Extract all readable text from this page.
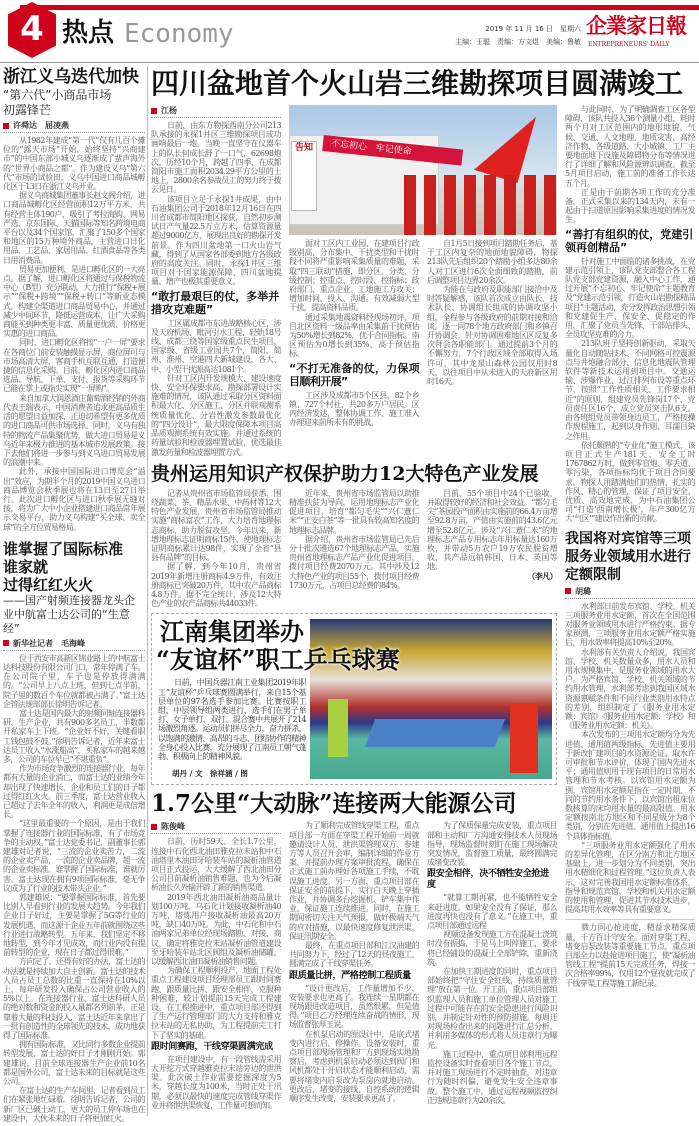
4 热点 Economy	2019 年 11 月 16 日　星期六
主编：王聪　责编：方文煜　美编：鲁敏
企業家日報
ENTREPRENEURS' DAILY
浙江义乌迭代加快
“第六代”小商品市场
初露锋芒
许舜达　屈凌燕

从1982年建成“第一代”仅有几百个摊位的“露天市场”开始，始终坚持“兴商建市”的中国东部小城义乌逐渐成了蜚声海外的“世界小商品之都”。作为建设义乌“第六代”市场的试验田，义乌中国进口商品城孵化区于13日在浙江义乌开业。

据义乌商城集团董事长赵文阁介绍，进口商品城孵化区经营面积12万平方米，共有经营主体190户，吸引了考拉海购、网易严选、京东国际、天猫国际等知名跨境电商平台以及34个国家馆，汇聚了150多个国家和地区的15万种境外商品，主营进口日化用品、工艺品、家居用品、红酒食品等各类日用消费品。

贸易更加便利，是进口孵化区的一大亮点。据了解，进口孵化区将通过与保税物流中心（B型）充分联动，大力推行“保税+展示”“保税+跨境”“保税+转口”等新业态模式，构建全渠道进口商品贸易中心，并通过减少中间环节，降低运营成本，让广大采购商能买到种类更丰富、质量更优质、价格更实惠的进口商品。

同时，进口孵化区将按“一户一屏”要求在各商位门前安装触摸显示屏，商位屏可与市场高清大屏、客商手机互联互通，打造便捷的信息化采购。目前，孵化区内进口商品选品、导航、下单、支付、报货等采购环节已能在掌上或指尖实现“一屏购”。

来自加拿大润恩酒庄葡萄酒经销的外商代表王瑞表示，中国消费者追求更高品质生活的愿望日益加深，正迫切希望有更多优质的进口商品可供市场选择。同时，义乌有独特的物流产品集聚优势，做大进口贸易是义乌近年来极力推进的基本城市发展政策。接下去他们将进一步参与到义乌进口贸易发展的浪潮中来。

此外，承接中国国际进口博览会“溢出”效应，为期半个月的2019中国义乌进口商品博览会秋季展也将在13日至27日举行。此次进口孵化区与进口秋季展无缝对接，将为广大中小企业搭建进口商品常年展示交易平台，助力义乌构建“买全球、卖全球”的全方位贸易格局。

谁掌握了国际标准
谁家就
过得红红火火
——国产射频连接器龙头企业中航富士达公司的“生意经”
新华社记者　毛海峰

位于西安市高新区锦业路上的中航富士达科技股份有限公司门口，常年停满了车。在公司院子里，车子也是停放得满满的。“公司早上八点上班，但到七点半前，院子里的数百个车位就都被占满了。”富士达企管法规部部长徐明告诉记者。

富士达是国内最大的射频同轴连接器科研、生产企业，共有900多名员工，半数都开私家车上下班。“企业好不好，关键看职工钱包鼓不鼓。”徐明告诉记者，近年来富士达员工收入“水涨船高”，买私家车的越来越多，公司的车位早已“不堪重负”。

作为市场竞争激烈的连接器行业，每年都有大量的企业消亡，而富士达的业绩今年却出现了快速增长，企业和员工们的日子都过得红红火火。前三季度，富士达营业收入已超过了去年全年的收入，利润更是成倍增长。

“这里最重要的一个原因，是由于我们掌握了连接器行业的国际标准，有了市场竞争的主动权。”富士达党委书记、副董事长郭建雄对记者说，“三流的企业卖苦力，二流的企业卖产品，一流的企业卖品牌，超一流的企业卖标准。谁掌握了国际标准，谁就厉害。富士达现在拥有9项国际标准，毫无争议成为了行业的技术带头企业。”

郭建雄说：“要掌握国际标准，首先要比别人早看到行业的发展大趋势。今年我们企业日子好过，主要是掌握了5G等行业的发展机遇，而这源于企业五年前就围绕这些行业进行战略转型。五年来，我们坚定不移地转型，到今年才见成效，而行业内没有提前转型的企业，现在日子都过得很难。”

方向定了，还得有好的办法，富士达的办法就是持续加大自主创新。富士达的技术人员占员工总数的比重一直保持在10%以上，每年研发投入确保占公司营业收入的5%以上。在连接器行业，富士达科研人员的绝对数和资金的投入量都名列前茅。正是靠着大量的科技投入，富士达近年来拿出了一批有创造性的全球领先的技术，成功地获得了国际标准。

拥有国际标准，又比同行多数企业提前转型发展，富士达的好日子才刚刚开始。郭建雄说，目前全球连接器生产企业前10名都是国外公司，富士达未来的目标就是这些公司。

在富士达的生产车间里，记者看到员工们在紧张地忙碌着。徐明告诉记者，公司的新厂区已破土动工，更大的员工停车场也在建设中，大伙未来的日子将更加红火。

四川盆地首个火山岩三维勘探项目圆满竣工
江杨

日前，由东方物探西南分公司213队承接的永探1井区三维勘探项目成功画响最后一炮。当晚一直坚守在仪器车上的队长何成长舒了一口气，62698炮次，历经10个月，跨越了四季，在成都简阳市施工面积2034.29平方公里的土地上，2800余名参战员工的努力终于拨云见日。

该项目立足于永探1井成果，由中石油集团公司于2018年12月16日在四川省成都市简阳地区探获，自然初步测试日产气量22.5万立方米，估算资源量超过9000亿方，展现出良好的勘探开发前景。作为四川盆地第一口火山岩气藏，得到了从国家各部委到地方各级政府的高度关注。同时，永探1井区三维项目对于国家能源保障、四川盆地提量、增产也极其重要意义。

“敢打最艰巨的仗，多举并措攻克难题”

工区属成都市东进战略核心区，涉及天府机场、毗河引水工程、轻轨18号线、成都三绕等国家级重点民生项目，国家级、省级工业园共7个，简阳、简州、淮州、空港四大新城建设，各大、中、小型干扰源高达1081个。

针对工区内开发规模大、建设速度快、安全环保要求高、勘探部署设计实施难的情况，该队通过采取分区资料面积最大化、分区施工、分区并联观测系统质量优化、分岩性激发参数最优化的“四分设计”，最大限度保障本项目高品质观测系统有效实施。并通过系统的药量试验和检波器埋置试验，优选最佳激发药量和检波器埋置方式。

不忘初心　牢记使命
告知

面对工区内工业园、在建项目行政级别高、分布集中、干扰类型和干扰时段不同将严重影响采集质量的难题，采取“四三联动”措施，即分区、分类、分级控制；控重点、控时段、控指标；政府部门、重点企业、工地施工方攻关；增加时间、投入、沟通。有效减弱大型干扰，提高资料品质。

通过采集地震资料经现场初评，项目北区资料一级品率由采集前干扰预估为50%增长到82%，优于合同指标。南区预估为0增长到35%，高于预估指标。

“不打无准备的仗，力保项目顺利开展”

工区涉及成都市5个区县，82个乡镇、727个村社，共20多万户居民。区内经济发达，整体协调工作、施工准入办理迎来前所未有的挑战。

自1月5日接到项目踏勘任务后，基于工区内复杂的地面地貌障碍，物探213队先后组织20个踏勘小组多达80余人对工区进行6次全面细致的踏勘，前后调整项目边界20余次。

为能在与政府及职能部门接洽中及时答疑解惑，该队首次成立由队长、技术队长、协调组长组成的协调攻坚小组，全程参与各级政府的前期对接和洽谈。逐一同78个地方政府部门和乡镇召开协调会，针对协调困难地区区反复多次拜会各职能部门。通过提前3个月的不懈努力，7个行政区域全部取得入场许可，其中龙泉山森林公园仅用时8天，以往项目中从未进入的天府新区用时16天。

贵州运用知识产权保护助力12大特色产业发展

记者从贵州省市场监管局获悉，围绕蔬菜、茶、精品水果、中药材等12大特色产业发展，贵州省市场监管局推动实施“商标富农”工作，大力培育地理标志商标，助力脱贫攻坚。今年以来，新增地理标志证明商标15件，使地理标志证明商标累计达98件，实现了全省“县县有品牌”的目标。

据了解，到今年10月，贵州省2019年新增注册商标4.9万件，有效注册商标已突破20万件，其中农产品商标4.8万件。据不完全统计，涉及12大特色产业的农产品商标共44033件。

近年来，贵州省市场监管局以助推精准扶贫为导向，运用地理标志产业化促进项目，培育“都匀毛尖”“兴仁薏仁米”“正安白茶”等一批具有较高知名度的地理标志品牌。

据介绍，贵州省市场监管局已先后分十批次遴选67个地理标志产品，实施贵州省地理标志产品产业化促进项目，拨付项目经费2070万元。其中涉及12大特色产业的项目55个，拨付项目经费1730万元，占项目总经费的84%。

目前，55个项目中24个已验收，并取得较好的经济和社会效益。“都匀毛尖”茶园投产面积由实施前的66.4万亩增至92.8万亩，产值由实施前的43.6亿元增至52.8亿元。涉及“兴仁薏仁米”的地理标志产品专用标志年用标量达160万枚，并带动5万农户19万农民脱贫增收，其产品远销韩国、日本、英国等地。

（李凡）
江南集团举办
“友谊杯”职工乒乓球赛
日前，中国兵器江南工业集团2019年职工“友谊杯”乒乓球赛圆满举行，来自15个基层单位的97名选手参加比赛。比赛按职工组、中层领导组两类进行，选手们在男子单打、女子单打、双打、混合赛中共展开了214场激烈角逐。运动员们拼尽全力，奋力拼杀，以饱满的激情、高昂的斗志、团结协作的精神全身心投入比赛，充分展现了江南员工朝气蓬勃、积极向上的精神风貌。
胡丹 / 文　徐祥涵 / 图
1.7公里“大动脉”连接两大能源公司
陈俊峰

日前，历时59天、全长1.7公里，连接中石化西北油田雅克拉末站和中石油塔里木油田牙哈装车站的凝析油管道项目正式投运，大大缓解了西北油田分公司目前凝析油销售难题，也为今后凝析油长久外输开辟了新的销售渠道。

2019年西北油田凝析油商品量计划100万吨，乌石化计划接收凝析油40万吨，塔炼用户接收凝析油最高20万吨，缺口40万吨。为此，中石化和中石油两家兄弟单位经现场踏勘、对接、商议，确定将雅克拉末站凝析油管道建设至牙哈装车站北区阀组及凝析油储罐，以缓解西北油田凝析油销售问题。

为确保工程顺利投产，地面工程处重点工程建设项目经理部员工跟时间赛跑、跟质量比拼、跟安全相伴，克服种种困难，较计划提前15天完成工程建设。在工程推进中，重点项目部还得到了生产运行管理部门的大力支持和雅克拉末站的无私协助，为工程提前完工打下了坚实的基础。

跟时间赛跑，干线穿渠圆满完成

在项目建设中，有一段管线需采用大开挖方式穿越雅克拉末站旁边的泄洪渠。此次破土作业需要挖掘深度为5米，穿越长度为100米，当时正处于汛期，必须以最快的速度完成管线穿渠作业并将泄洪渠恢复，工作量可想而知。

为了顺利完成管线穿渠工程，重点项目部一方面在穿渠工程开始前一周就邀请设计人员、泄洪渠管理双方、参建方等人员召开会审，编制详细的作业方案，并提前办理方案审批流程，确保在正式施工前办理好各项施工手续，不耽误施工进度。另一方面，重点项目部在保证安全的前提下，实行白天晚上穿插作业，并协调多台挖掘机、铲车集中作业，保证施工连续推进。同时，在施工期间密切关注天气预报，做好极端天气的应对措施，以最快速度修复泄洪渠，保证汛期安全。

最终，在重点项目部和江汉油建的共同努力下，经过了12天的昼夜施工，圆满完成了干线穿渠任务。

跟质量比拼，严格控制工程质量

“设计更改后，工作量增加不少，安装要求也更高了。我连续一星期都在现场跟进改造项目，虽然很累，但是值得。”项目乙方经理连续奋战的情形，现场监督张厚玉说。

在机泵启动的原设计中，是底式堵变内进行启、停操作。设备安装时，重点项目部现场管理和厂方到现场实地勘察后，考虑到机泵启动必须达到阀门和风机都处于开启状态才能顺利启动，需要将堵变内启泵改为泵房内就地启动。更改后，堵变的接线、自控系统的逻辑顺序发生改变，安装要求更高了。

为了保质保量完成安装，重点项目部和主动和厂方沟通安排技术人员现场指导，现场监督时刻盯在施工现场解决突发情况，监督施工质量，最终圆满完成堵变改装。

跟安全相伴，决不牺牲安全抢进度

“就算工期再紧，也不能牺牲安全来赶进度。如果安全没有了保证，那么进度再快也没有了意义。”在施工中，重点项目部通过远程

视频设备发现施工方在混凝土浇筑时没有振捣，于是马上叫停施工，要求将已经铺设的混凝土全部铲除，重新浇筑。

在加快工期进度的同时，重点项目部始终把“守住安全红线，持续质量管理”放在第一位。开工前，重点项目部组织监理人员和施工单位管理人员对施工过程中可能存在的安全隐患进行风险识别，并制定针对性的预防措施。每周还对现场检查出来的问题进行汇总分析，并利用多媒体的形式将人员违章行为曝光。

施工过程中，重点项目部利用远程监控设备实时查看项目各个施工节点，并对施工现场进行不定时抽查，对违章行为随时纠偏，避免发生安全违章事故。整个施工中，通过远程视频监控纠正违规违章行为20余次。

与此同时，为了明确调查工区各型障碍，该队共投入36个测量小组，耗时两个月对工区范围内的地形地貌、气候、交通、人文地理、地质灾害、高经济作物、各级道路、大小城镇、工厂主要地面地下设施及障碍物分布等情况进行了详细了解和风险源辨识调查。截至5月项目启动，施工前的准备工作长达五个月。

正是由于前期各项工作的充分准备，正式采集以来的134天内，未有一起由于扫道原因影响采集进度的情况发生。

“善打有组织的仗，党建引领再创精品”

针对施工中面临的诸多挑战，在党建示范引领上，该队党支部整合各工程队党支部党建资源，融入中心工作，通过开展“不忘初心、牢记使命”主题教育及“党建示范引领，打造火山岩勘探精品项目”主题活动，充分发挥政治思想引领和党建促生产、保安全、促稳定的作用，汇聚了党员当先锋、干部站排头、全员攻坚克难的合力。

213队班子坚持创新驱动，采取矢量化自动随钻技术、不同网格可控震源点与井炮融合部分、信息化地震队管理软件等新技术运用到项目中。交通运输、涉爆作业、过江排列布设等重点环节，按照“工作性质相关、工作要求相近”的原则，组建党员先锋岗17个、党员责任区16个，成立党员突击队6支。由各班组党员带领身边员工，严格按操作规程施工，起到以身作则、耳濡目染之作用。

依托颇熟的“专业化”施工模式，该项目正式生产181天，安全工时1767862万时，做到零盲炮、零丢道、零污染，各项指标均优于项目合同要求。物探人用踏满他们的热情、扎实的作风、精心的管理，保证了项目安全、优质、高效地完成，为中石油集团公司“打造‘西南增长极’，年产300亿方大‘气区’”建设作出新的贡献。

我国将对宾馆等三项服务业领域用水进行定额限制
胡璐

水利部日前发布宾馆、学校、机关三项服务业用水定额，首次在全国范围对服务业领域用水进行严格约束。据专家预测，三项服务业用水定额严格实施后，用水效率将提高10%至20%。

水利部有关负责人介绍说，我国宾馆、学校、机关数量众多，用水人员和用水规模集中，是服务业领域的用水大户。为严格宾馆、学校、机关领域的节约用水管理，水利部考虑到我国区域水资源禀赋条件和不同行业类别用水特点的差别，组织制定了《服务业用水定额：宾馆》《服务业用水定额：学校》和《服务业用水定额：机关》。

本次发布的三项用水定额均分为先进值、通用值两级指标。先进值主要用于新改扩建项目的水资源论证、取水许可审批和节水评价，体现了国内先进水平；通用值则用于现有项目的日常用水管理和节水考核。以宾馆用水定额为例，宾馆用水定额是指在一定时期、不同的节约用水条件下，以宾馆出租床位数核算的床均用水量的最高限值。用水定额按南北方地区和不同星级分为8个类别，分别在先进值、通用值上提出16个具体指标值。

“三项服务业用水定额强化了用水的差异化管理，在区分南方和北方地区基础上，进一步划分为不同类别，突出用水精细化和过程管理。”这位负责人表示，这对完善我国用水定额标准体系，指导和规范宾馆、学校和机关用水定额的使用和管理，促进其节水技术进步，提高其用水效率等具有重要意义。

戮力同心抢进度，精益求精保质量，千方百计守安全。面对穿渠工程、堵变启泵改装等重要施工节点，重点项目部全力以赴抢进项目施工，使“凝析油管线工程”提前15天完成任务，焊接一次合格率99%，仅用12个昼夜就完成了干线穿渠工程等施工新纪录。
